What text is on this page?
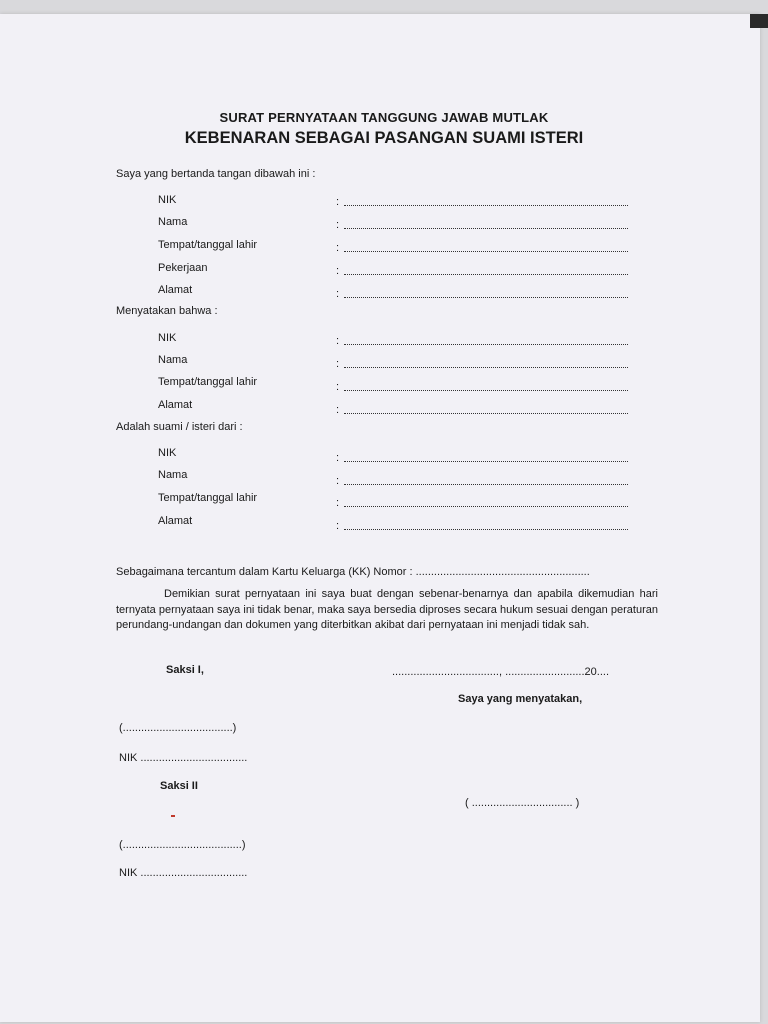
SURAT PERNYATAAN TANGGUNG JAWAB MUTLAK
KEBENARAN SEBAGAI PASANGAN SUAMI ISTERI
Saya yang bertanda tangan dibawah ini :
NIK	:
Nama	:
Tempat/tanggal lahir	:
Pekerjaan	:
Alamat	:
Menyatakan bahwa :
NIK	:
Nama	:
Tempat/tanggal lahir	:
Alamat	:
Adalah suami / isteri dari :
NIK	:
Nama	:
Tempat/tanggal lahir	:
Alamat	:
Sebagaimana tercantum dalam Kartu Keluarga (KK) Nomor : .........................................................

Demikian surat pernyataan ini saya buat dengan sebenar-benarnya dan apabila dikemudian hari ternyata pernyataan saya ini tidak benar, maka saya bersedia diproses secara hukum sesuai dengan peraturan perundang-undangan dan dokumen yang diterbitkan akibat dari pernyataan ini menjadi tidak sah.

Saksi I,	..................................., ..........................20....
Saya yang menyatakan,
(....................................)
NIK ...................................
Saksi II
( ................................. )
(.......................................)
NIK ...................................
